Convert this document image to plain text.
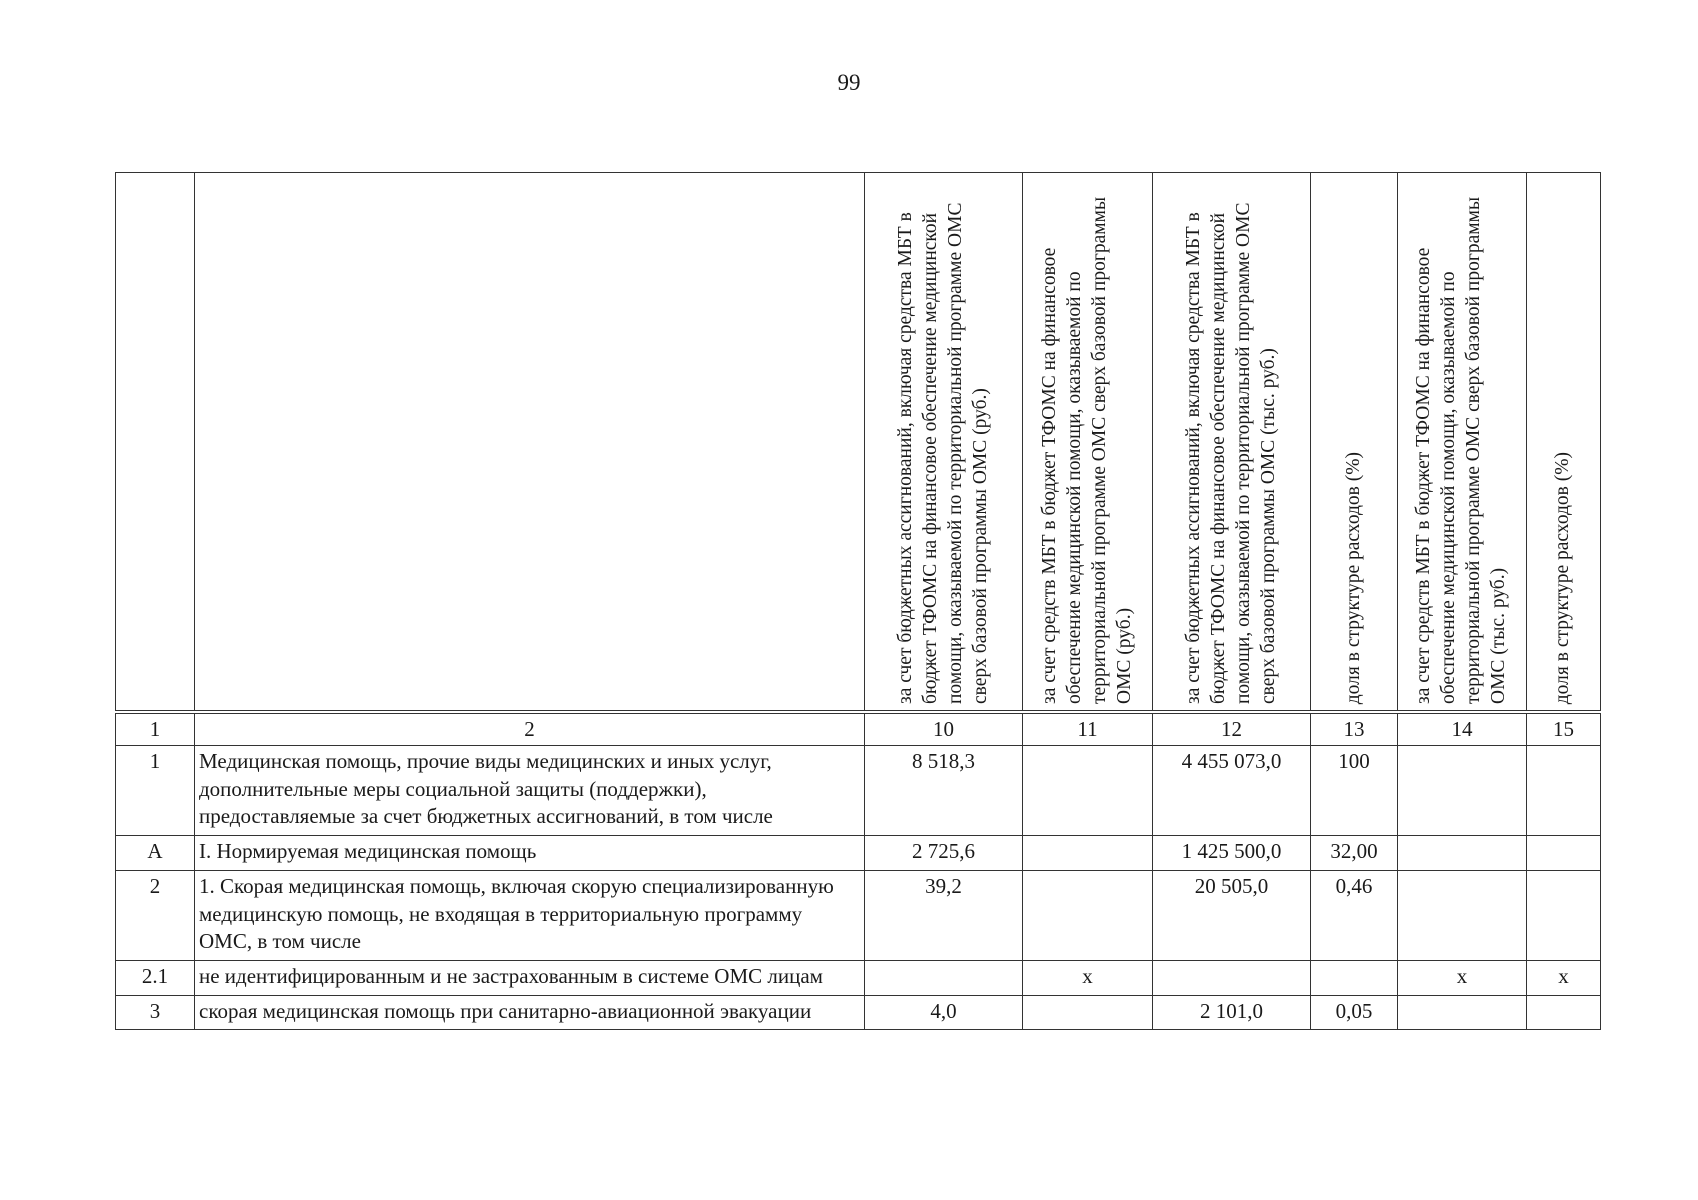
99

		за счет бюджетных ассигнований, включая средства МБТ в бюджет ТФОМС на финансовое обеспечение медицинской помощи, оказываемой по территориальной программе ОМС сверх базовой программы ОМС (руб.)	за счет средств МБТ в бюджет ТФОМС на финансовое обеспечение медицинской помощи, оказываемой по территориальной программе ОМС сверх базовой программы ОМС (руб.)	за счет бюджетных ассигнований, включая средства МБТ в бюджет ТФОМС на финансовое обеспечение медицинской помощи, оказываемой по территориальной программе ОМС сверх базовой программы ОМС (тыс. руб.)	доля в структуре расходов (%)	за счет средств МБТ в бюджет ТФОМС на финансовое обеспечение медицинской помощи, оказываемой по территориальной программе ОМС сверх базовой программы ОМС (тыс. руб.)	доля в структуре расходов (%)

1	2	10	11	12	13	14	15
1	Медицинская помощь, прочие виды медицинских и иных услуг, дополнительные меры социальной защиты (поддержки), предоставляемые за счет бюджетных ассигнований, в том числе	8 518,3		4 455 073,0	100		
А	I. Нормируемая медицинская помощь	2 725,6		1 425 500,0	32,00		
2	1. Скорая медицинская помощь, включая скорую специализированную медицинскую помощь, не входящая в территориальную программу ОМС, в том числе	39,2		20 505,0	0,46		
2.1	не идентифицированным и не застрахованным в системе ОМС лицам		х			х	х
3	скорая медицинская помощь при санитарно-авиационной эвакуации	4,0		2 101,0	0,05		
